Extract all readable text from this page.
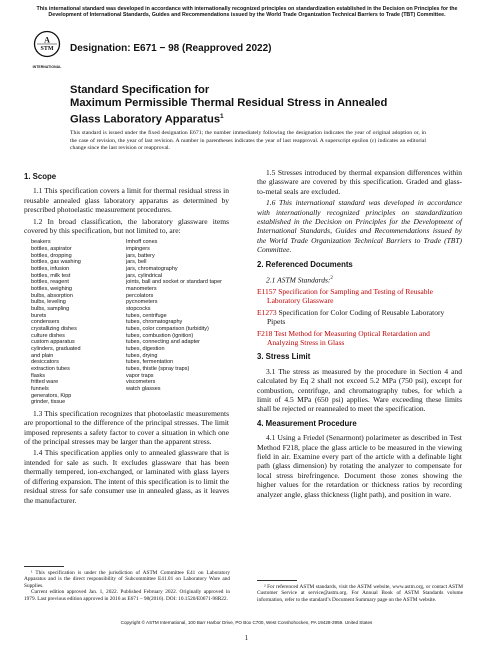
This international standard was developed in accordance with internationally recognized principles on standardization established in the Decision on Principles for the Development of International Standards, Guides and Recommendations issued by the World Trade Organization Technical Barriers to Trade (TBT) Committee.
A
STM
INTERNATIONAL
Designation: E671 − 98 (Reapproved 2022)
Standard Specification for
Maximum Permissible Thermal Residual Stress in Annealed
Glass Laboratory Apparatus$^1$
This standard is issued under the fixed designation E671; the number immediately following the designation indicates the year of original adoption or, in the case of revision, the year of last revision. A number in parentheses indicates the year of last reapproval. A superscript epsilon (ε) indicates an editorial change since the last revision or reapproval.
1. Scope

1.1 This specification covers a limit for thermal residual stress in reusable annealed glass laboratory apparatus as determined by prescribed photoelastic measurement procedures.

1.2 In broad classification, the laboratory glassware items covered by this specification, but not limited to, are:

beakers	Imhoff cones
bottles, aspirator	impingers
bottles, dropping	jars, battery
bottles, gas washing	jars, bell
bottles, infusion	jars, chromatography
bottles, milk test	jars, cylindrical
bottles, reagent	joints, ball and socket or standard taper
bottles, weighing	manometers
bulbs, absorption	percolators
bulbs, leveling	pycnometers
bulbs, sampling	stopcocks
burets	tubes, centrifuge
condensers	tubes, chromatography
crystallizing dishes	tubes, color comparison (turbidity)
culture dishes	tubes, combustion (ignition)
custom apparatus	tubes, connecting and adapter
cylinders, graduated	tubes, digestion
and plain	tubes, drying
desiccators	tubes, fermentation
extraction tubes	tubes, thistle (spray traps)
flasks	vapor traps
fritted ware	viscometers
funnels	watch glasses
generators, Kipp
grinder, tissue

1.3 This specification recognizes that photoelastic measurements are proportional to the difference of the principal stresses. The limit imposed represents a safety factor to cover a situation in which one of the principal stresses may be larger than the apparent stress.

1.4 This specification applies only to annealed glassware that is intended for sale as such. It excludes glassware that has been thermally tempered, ion-exchanged, or laminated with glass layers of differing expansion. The intent of this specification is to limit the residual stress for safe consumer use in annealed glass, as it leaves the manufacturer.

1.5 Stresses introduced by thermal expansion differences within the glassware are covered by this specification. Graded and glass-to-metal seals are excluded.

1.6 This international standard was developed in accordance with internationally recognized principles on standardization established in the Decision on Principles for the Development of International Standards, Guides and Recommendations issued by the World Trade Organization Technical Barriers to Trade (TBT) Committee.

2. Referenced Documents

2.1 ASTM Standards:$^2$

E1157 Specification for Sampling and Testing of Reusable Laboratory Glassware
E1273 Specification for Color Coding of Reusable Laboratory Pipets
F218 Test Method for Measuring Optical Retardation and Analyzing Stress in Glass
3. Stress Limit

3.1 The stress as measured by the procedure in Section 4 and calculated by Eq 2 shall not exceed 5.2 MPa (750 psi), except for combustion, centrifuge, and chromatography tubes, for which a limit of 4.5 MPa (650 psi) applies. Ware exceeding these limits shall be rejected or reannealed to meet the specification.

4. Measurement Procedure

4.1 Using a Friedel (Senarmont) polarimeter as described in Test Method F218, place the glass article to be measured in the viewing field in air. Examine every part of the article with a definable light path (glass dimension) by rotating the analyzer to compensate for local stress birefringence. Document those zones showing the higher values for the retardation or thickness ratios by recording analyzer angle, glass thickness (light path), and position in ware.

¹ This specification is under the jurisdiction of ASTM Committee E41 on Laboratory Apparatus and is the direct responsibility of Subcommittee E41.01 on Laboratory Ware and Supplies.
Current edition approved Jan. 1, 2022. Published February 2022. Originally approved in 1979. Last previous edition approved in 2016 as E671 – 98(2016). DOI: 10.1520/E0671-98R22.
² For referenced ASTM standards, visit the ASTM website, www.astm.org, or contact ASTM Customer Service at service@astm.org. For Annual Book of ASTM Standards volume information, refer to the standard’s Document Summary page on the ASTM website.
Copyright © ASTM International, 100 Barr Harbor Drive, PO Box C700, West Conshohocken, PA 19428-2959. United States
1
